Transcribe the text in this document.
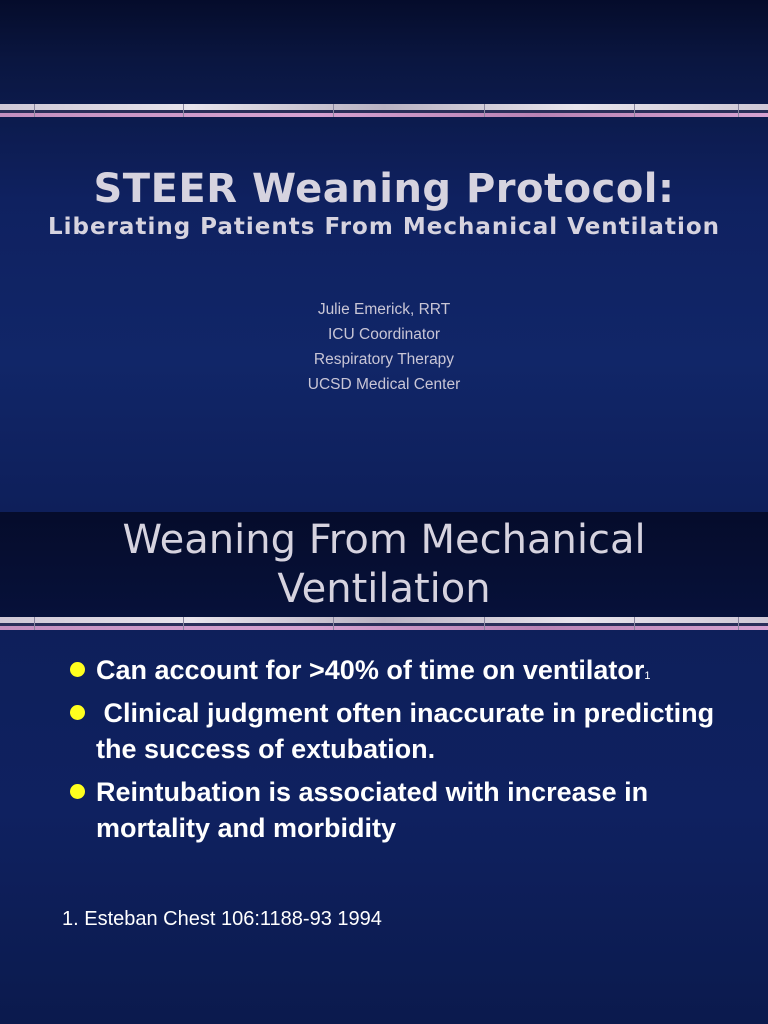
STEER Weaning Protocol:
Liberating Patients From Mechanical Ventilation
Julie Emerick, RRT
ICU Coordinator
Respiratory Therapy
UCSD Medical Center
Weaning From Mechanical
Ventilation
Can account for >40% of time on ventilator$^1$
Clinical judgment often inaccurate in predicting the success of extubation.
Reintubation is associated with increase in mortality and morbidity
1. Esteban Chest 106:1188-93 1994
